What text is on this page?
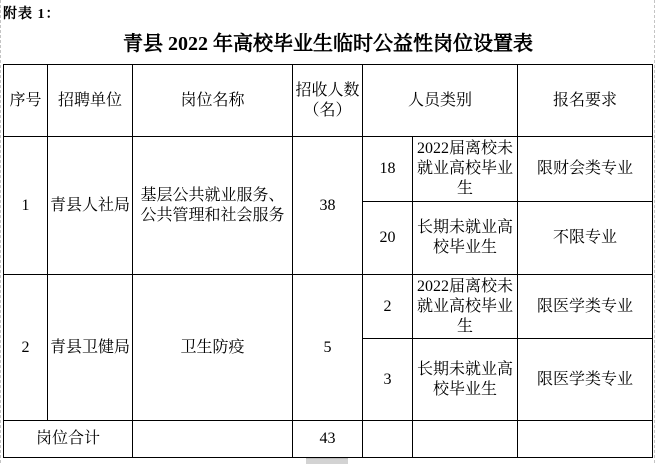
附表 1：
青县 2022 年高校毕业生临时公益性岗位设置表
序号	招聘单位	岗位名称	招收人数（名）	人员类别		报名要求
1	青县人社局	基层公共就业服务、公共管理和社会服务	38	18	2022届离校未就业高校毕业生	限财会类专业
				20	长期未就业高校毕业生	不限专业
2	青县卫健局	卫生防疫	5	2	2022届离校未就业高校毕业生	限医学类专业
				3	长期未就业高校毕业生	限医学类专业
岗位合计			43			
